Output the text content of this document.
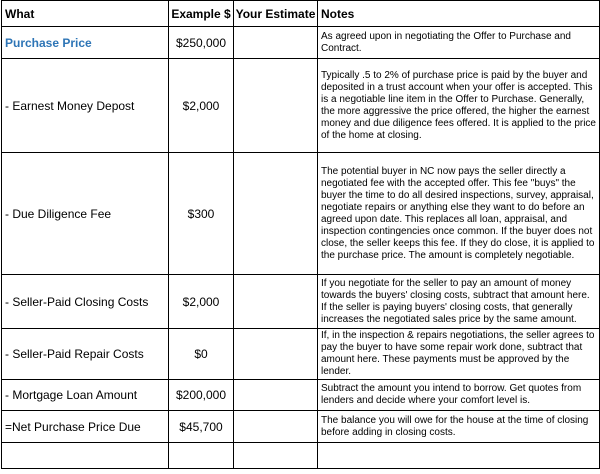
What	Example $	Your Estimate	Notes
Purchase Price	$250,000		As agreed upon in negotiating the Offer to Purchase and Contract.
- Earnest Money Depost	$2,000		Typically .5 to 2% of purchase price is paid by the buyer and deposited in a trust account when your offer is accepted. This is a negotiable line item in the Offer to Purchase. Generally, the more aggressive the price offered, the higher the earnest money and due diligence fees offered. It is applied to the price of the home at closing.
- Due Diligence Fee	$300		The potential buyer in NC now pays the seller directly a negotiated fee with the accepted offer. This fee "buys" the buyer the time to do all desired inspections, survey, appraisal, negotiate repairs or anything else they want to do before an agreed upon date. This replaces all loan, appraisal, and inspection contingencies once common. If the buyer does not close, the seller keeps this fee. If they do close, it is applied to the purchase price. The amount is completely negotiable.
- Seller-Paid Closing Costs	$2,000		If you negotiate for the seller to pay an amount of money towards the buyers' closing costs, subtract that amount here. If the seller is paying buyers' closing costs, that generally increases the negotiated sales price by the same amount.
- Seller-Paid Repair Costs	$0		If, in the inspection & repairs negotiations, the seller agrees to pay the buyer to have some repair work done, subtract that amount here. These payments must be approved by the lender.
- Mortgage Loan Amount	$200,000		Subtract the amount you intend to borrow. Get quotes from lenders and decide where your comfort level is.
=Net Purchase Price Due	$45,700		The balance you will owe for the house at the time of closing before adding in closing costs.
